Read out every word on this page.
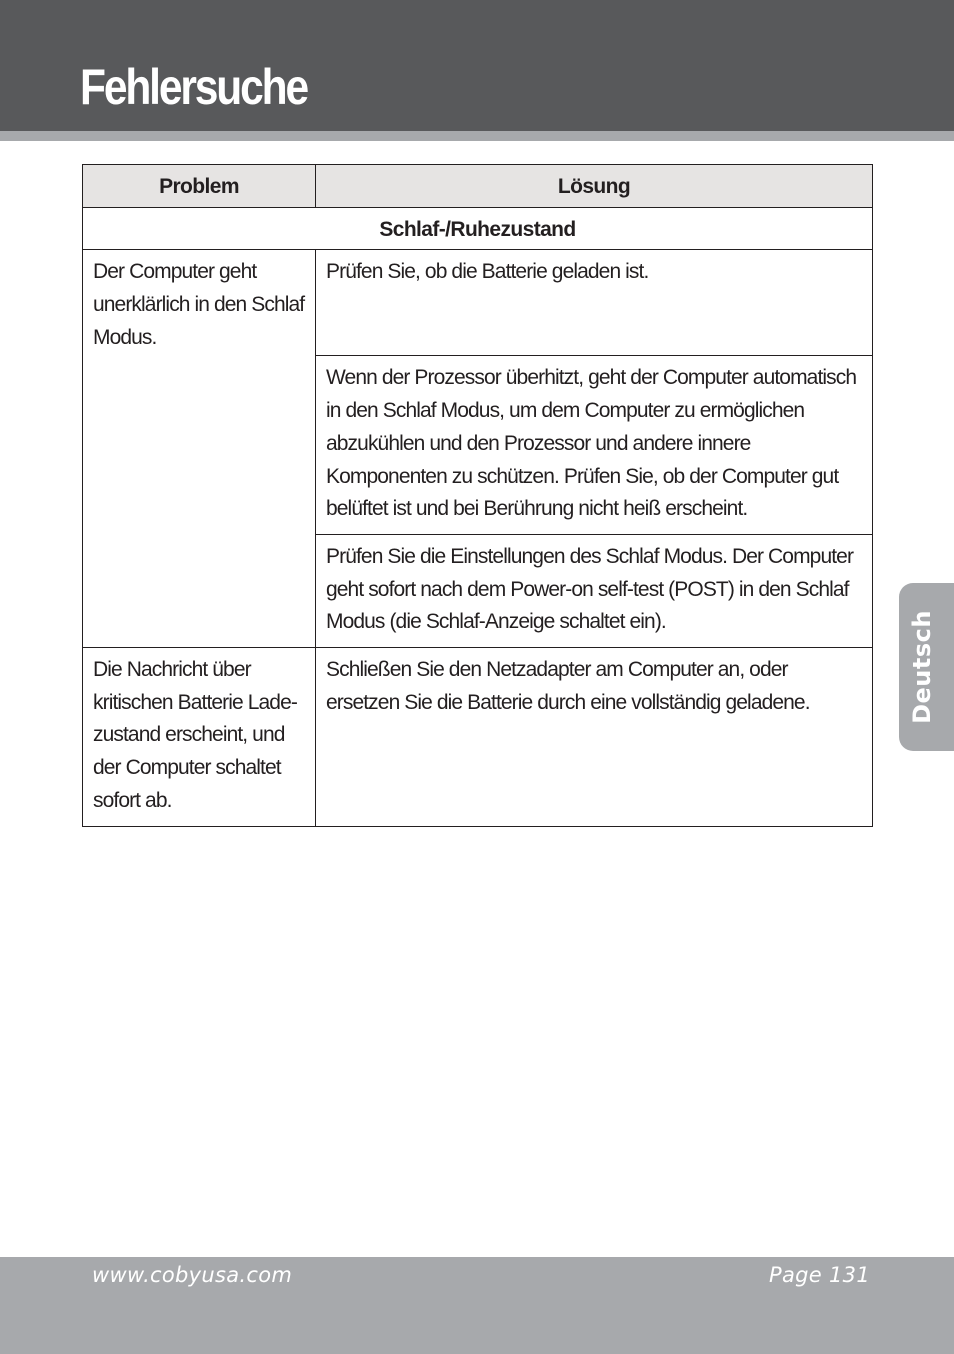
Fehlersuche
Problem	Lösung
Schlaf-/Ruhezustand	
Der Computer geht unerklärlich in den Schlaf Modus.	Prüfen Sie, ob die Batterie geladen ist.
	Wenn der Prozessor überhitzt, geht der Computer automatisch in den Schlaf Modus, um dem Computer zu ermöglichen abzukühlen und den Prozessor und andere innere Komponenten zu schützen. Prüfen Sie, ob der Computer gut belüftet ist und bei Berührung nicht heiß erscheint.
	Prüfen Sie die Einstellungen des Schlaf Modus. Der Computer geht sofort nach dem Power-on self-test (POST) in den Schlaf Modus (die Schlaf-Anzeige schaltet ein).
Die Nachricht über kritischen Batterie Ladezustand erscheint, und der Computer schaltet sofort ab.	Schließen Sie den Netzadapter am Computer an, oder ersetzen Sie die Batterie durch eine vollständig geladene.	Deutsch
www.cobyusa.com	Page 131
